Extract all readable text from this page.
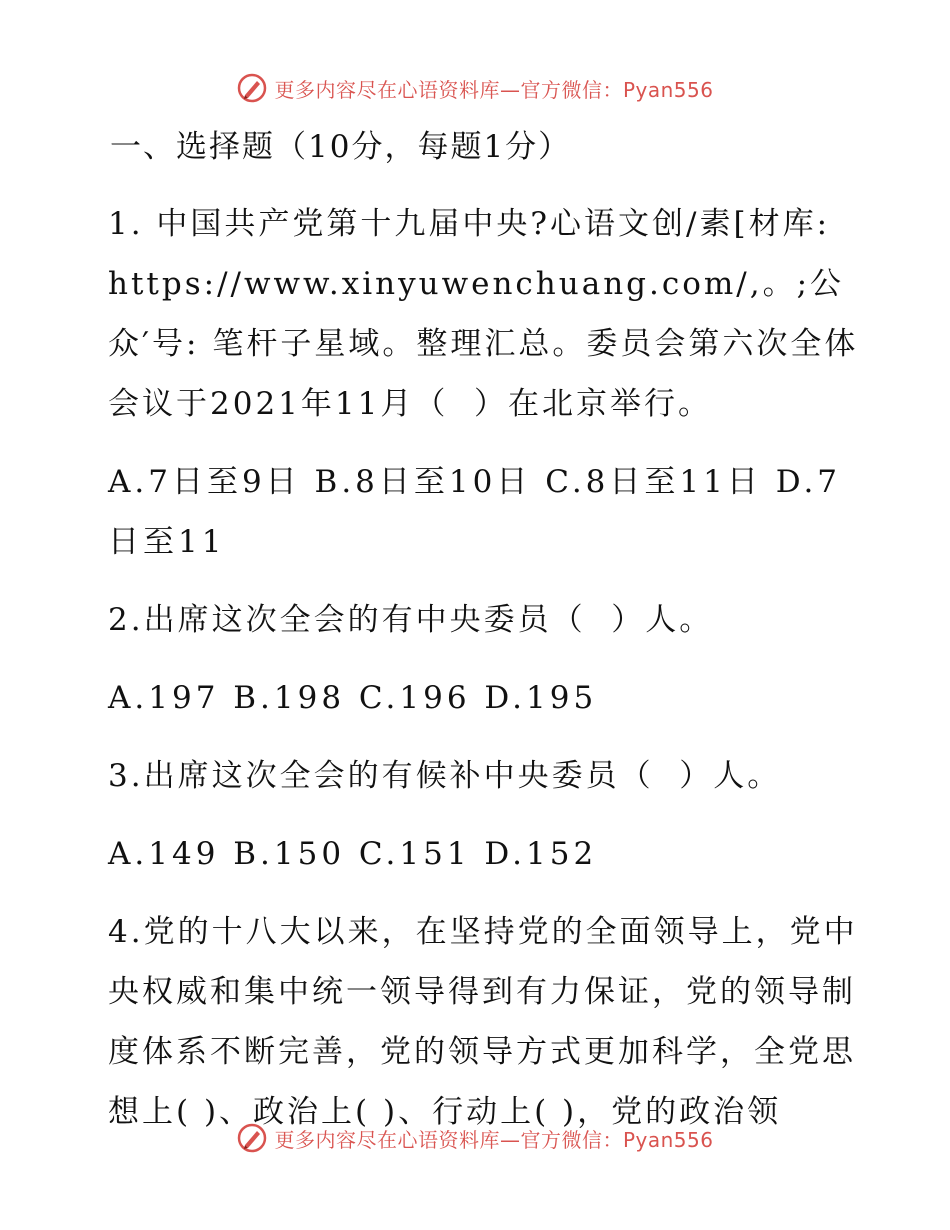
更多内容尽在心语资料库—官方微信：Pyan556
一、选择题（10分，每题1分）
1. 中国共产党第十九届中央?心语文创/素[材库: https://www.xinyuwenchuang.com/,。;公众′号: 笔杆子星域。整理汇总。委员会第六次全体会议于2021年11月（  ）在北京举行。
A.7日至9日 B.8日至10日 C.8日至11日 D.7日至11
2.出席这次全会的有中央委员（  ）人。
A.197 B.198 C.196 D.195
3.出席这次全会的有候补中央委员（  ）人。
A.149 B.150 C.151 D.152
4.党的十八大以来，在坚持党的全面领导上，党中央权威和集中统一领导得到有力保证，党的领导制度体系不断完善，党的领导方式更加科学，全党思想上( )、政治上( )、行动上( )，党的政治领
更多内容尽在心语资料库—官方微信：Pyan556
